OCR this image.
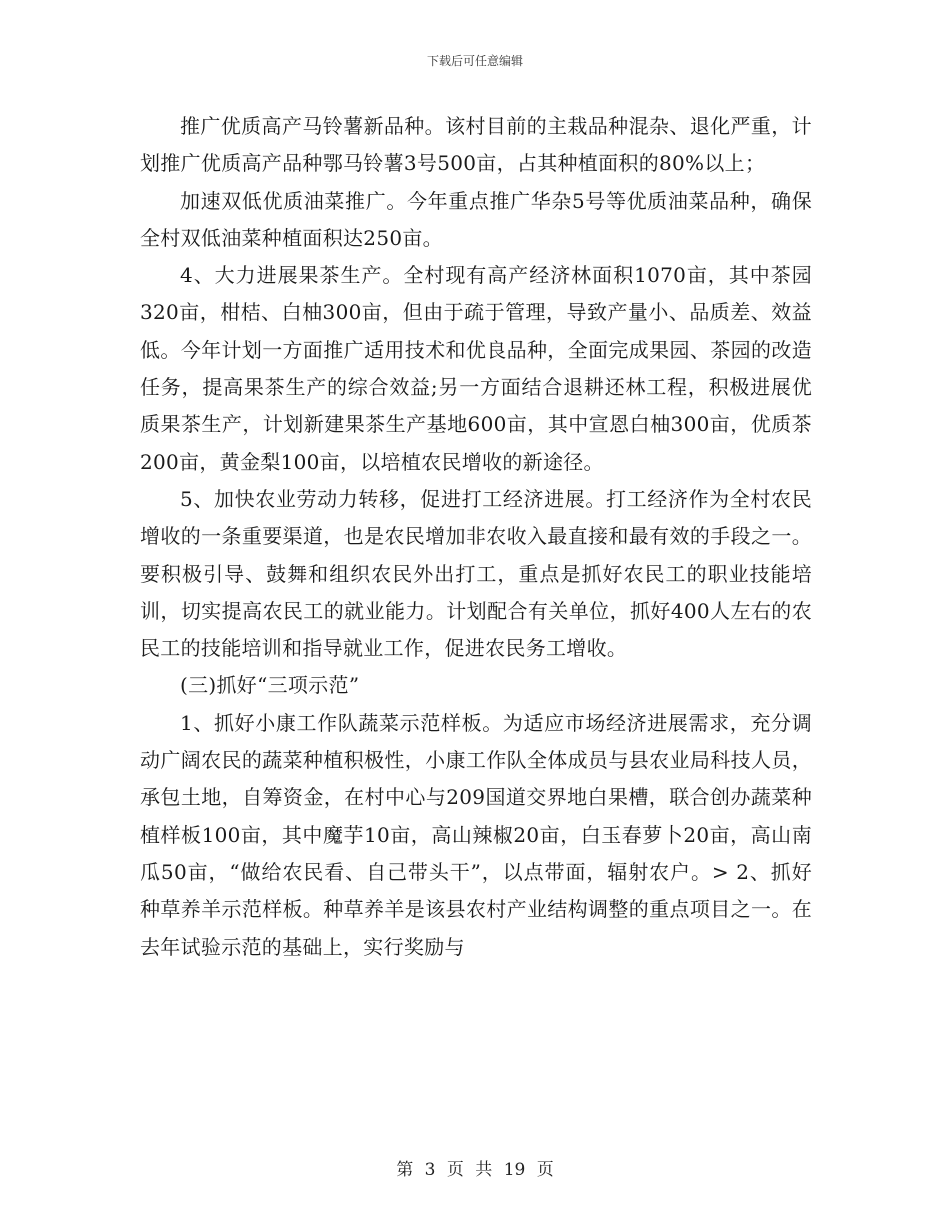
下载后可任意编辑

推广优质高产马铃薯新品种。该村目前的主栽品种混杂、退化严重，计划推广优质高产品种鄂马铃薯3号500亩，占其种植面积的80%以上；

加速双低优质油菜推广。今年重点推广华杂5号等优质油菜品种，确保全村双低油菜种植面积达250亩。

4、大力进展果茶生产。全村现有高产经济林面积1070亩，其中茶园320亩，柑桔、白柚300亩，但由于疏于管理，导致产量小、品质差、效益低。今年计划一方面推广适用技术和优良品种，全面完成果园、茶园的改造任务，提高果茶生产的综合效益;另一方面结合退耕还林工程，积极进展优质果茶生产，计划新建果茶生产基地600亩，其中宣恩白柚300亩，优质茶200亩，黄金梨100亩，以培植农民增收的新途径。

5、加快农业劳动力转移，促进打工经济进展。打工经济作为全村农民增收的一条重要渠道，也是农民增加非农收入最直接和最有效的手段之一。要积极引导、鼓舞和组织农民外出打工，重点是抓好农民工的职业技能培训，切实提高农民工的就业能力。计划配合有关单位，抓好400人左右的农民工的技能培训和指导就业工作，促进农民务工增收。

(三)抓好“三项示范”

1、抓好小康工作队蔬菜示范样板。为适应市场经济进展需求，充分调动广阔农民的蔬菜种植积极性，小康工作队全体成员与县农业局科技人员，承包土地，自筹资金，在村中心与209国道交界地白果槽，联合创办蔬菜种植样板100亩，其中魔芋10亩，高山辣椒20亩，白玉春萝卜20亩，高山南瓜50亩，“做给农民看、自己带头干”，以点带面，辐射农户。> 2、抓好种草养羊示范样板。种草养羊是该县农村产业结构调整的重点项目之一。在去年试验示范的基础上，实行奖励与

第 3 页 共 19 页
